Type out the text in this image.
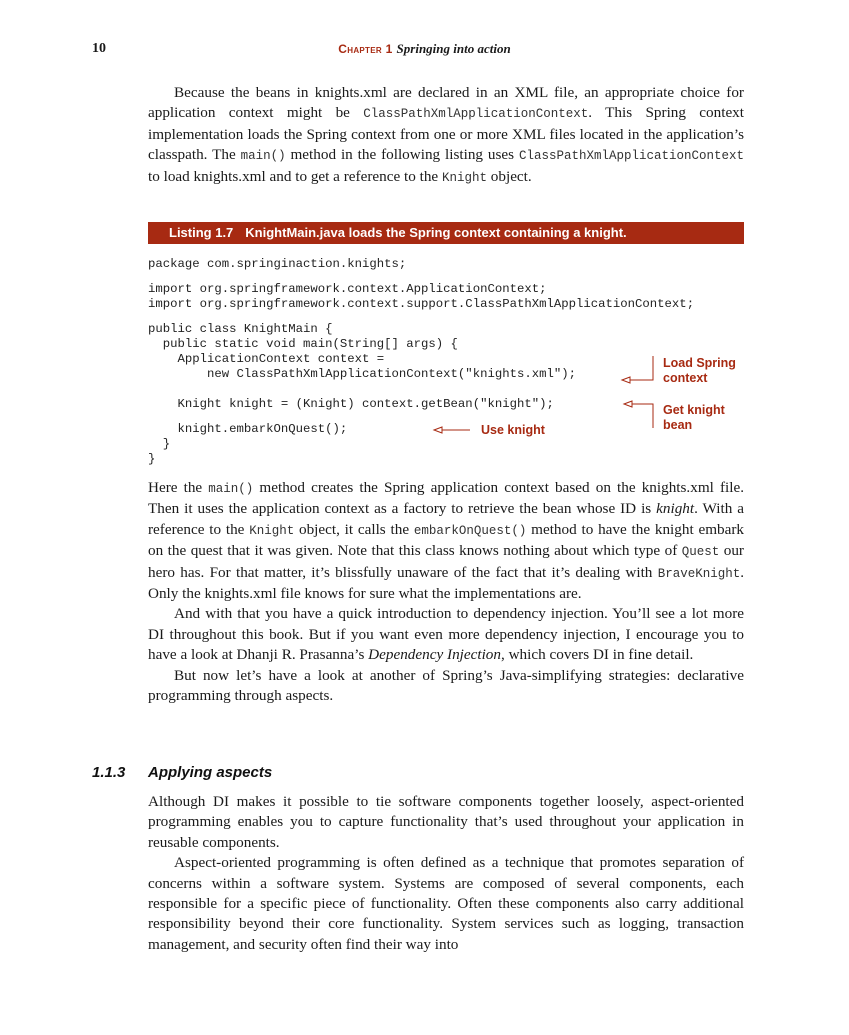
10	Chapter 1 Springing into action

Because the beans in knights.xml are declared in an XML file, an appropriate choice for application context might be ClassPathXmlApplicationContext. This Spring context implementation loads the Spring context from one or more XML files located in the application’s classpath. The main() method in the following listing uses ClassPathXmlApplicationContext to load knights.xml and to get a reference to the Knight object.

Listing 1.7 KnightMain.java loads the Spring context containing a knight.
package com.springinaction.knights;
import org.springframework.context.ApplicationContext;
import org.springframework.context.support.ClassPathXmlApplicationContext;
public class KnightMain {
public static void main(String[] args) {
ApplicationContext context =
new ClassPathXmlApplicationContext("knights.xml");
Knight knight = (Knight) context.getBean("knight");
knight.embarkOnQuest();
}
}
Load Spring
context
Get knight
bean
Use knight

Here the main() method creates the Spring application context based on the knights.xml file. Then it uses the application context as a factory to retrieve the bean whose ID is knight. With a reference to the Knight object, it calls the embarkOnQuest() method to have the knight embark on the quest that it was given. Note that this class knows nothing about which type of Quest our hero has. For that matter, it’s blissfully unaware of the fact that it’s dealing with BraveKnight. Only the knights.xml file knows for sure what the implementations are.

And with that you have a quick introduction to dependency injection. You’ll see a lot more DI throughout this book. But if you want even more dependency injection, I encourage you to have a look at Dhanji R. Prasanna’s Dependency Injection, which covers DI in fine detail.

But now let’s have a look at another of Spring’s Java-simplifying strategies: declarative programming through aspects.

1.1.3 Applying aspects

Although DI makes it possible to tie software components together loosely, aspect-oriented programming enables you to capture functionality that’s used throughout your application in reusable components.

Aspect-oriented programming is often defined as a technique that promotes separation of concerns within a software system. Systems are composed of several components, each responsible for a specific piece of functionality. Often these components also carry additional responsibility beyond their core functionality. System services such as logging, transaction management, and security often find their way into
